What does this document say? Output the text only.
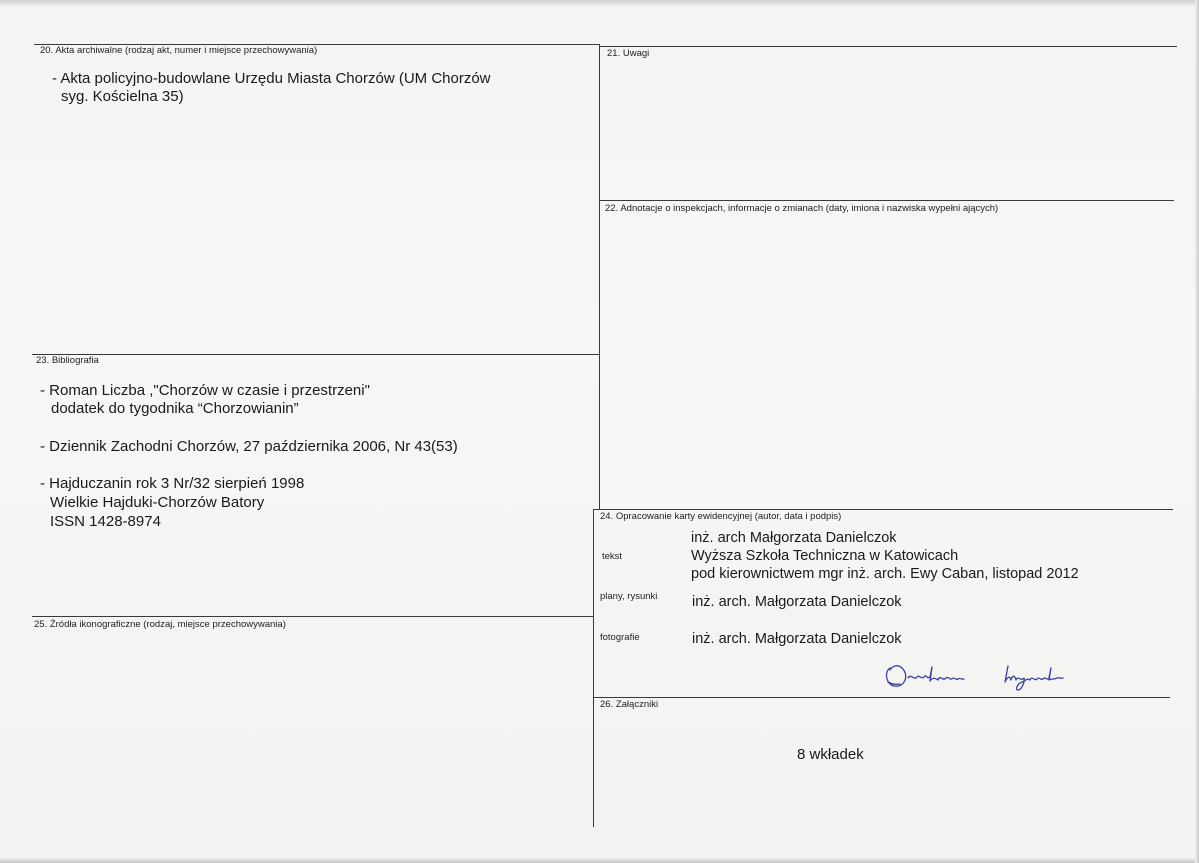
20. Akta archiwalne (rodzaj akt, numer i miejsce przechowywania)
- Akta policyjno-budowlane Urzędu Miasta Chorzów (UM Chorzów
syg. Kościelna 35)
21. Uwagi
22. Adnotacje o inspekcjach, informacje o zmianach (daty, imiona i nazwiska wypełni ających)
23. Bibliografia
- Roman Liczba ,"Chorzów w czasie i przestrzeni"
dodatek do tygodnika “Chorzowianin”
- Dziennik Zachodni Chorzów, 27 października 2006, Nr 43(53)
- Hajduczanin rok 3 Nr/32 sierpień 1998
Wielkie Hajduki-Chorzów Batory
ISSN 1428-8974	24. Opracowanie karty ewidencyjnej (autor, data i podpis)
tekst
inż. arch Małgorzata Danielczok
Wyższa Szkoła Techniczna w Katowicach
pod kierownictwem mgr inż. arch. Ewy Caban, listopad 2012
plany, rysunki inż. arch. Małgorzata Danielczok
fotografie	inż. arch. Małgorzata Danielczok
25. Źródła ikonograficzne (rodzaj, miejsce przechowywania)
26. Załączniki
8 wkładek
